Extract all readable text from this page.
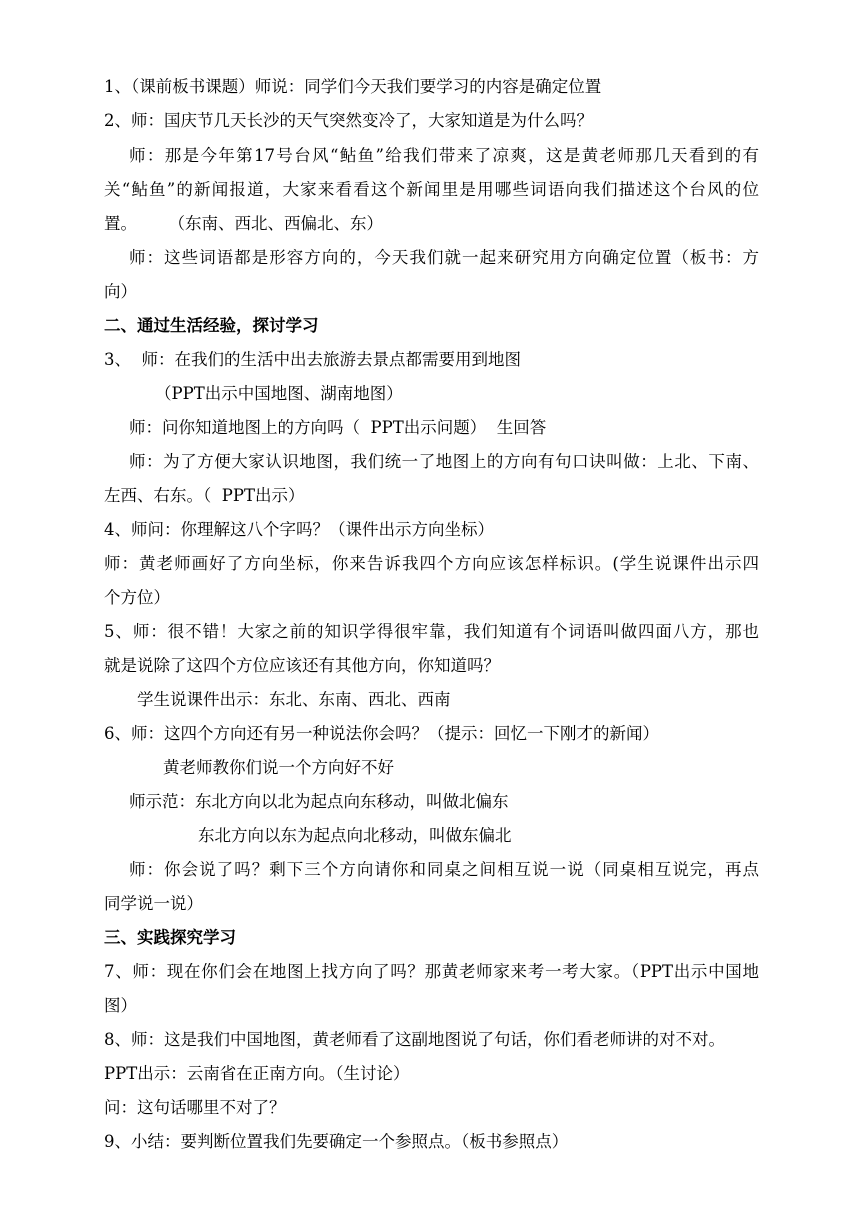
1、（课前板书课题）师说：同学们今天我们要学习的内容是确定位置
2、师：国庆节几天长沙的天气突然变冷了，大家知道是为什么吗？
师：那是今年第17号台风“鲇鱼”给我们带来了凉爽，这是黄老师那几天看到的有
关“鲇鱼”的新闻报道，大家来看看这个新闻里是用哪些词语向我们描述这个台风的位
置。      （东南、西北、西偏北、东）
师：这些词语都是形容方向的，今天我们就一起来研究用方向确定位置（板书：方
向）
二、通过生活经验，探讨学习
3、  师：在我们的生活中出去旅游去景点都需要用到地图
（PPT出示中国地图、湖南地图）
师：问你知道地图上的方向吗（  PPT出示问题）  生回答
师：为了方便大家认识地图，我们统一了地图上的方向有句口诀叫做：上北、下南、
左西、右东。（  PPT出示）
4、师问：你理解这八个字吗？（课件出示方向坐标）
师：黄老师画好了方向坐标，你来告诉我四个方向应该怎样标识。(学生说课件出示四
个方位）
5、师：很不错！大家之前的知识学得很牢靠，我们知道有个词语叫做四面八方，那也
就是说除了这四个方位应该还有其他方向，你知道吗？
学生说课件出示：东北、东南、西北、西南
6、师：这四个方向还有另一种说法你会吗？（提示：回忆一下刚才的新闻）
黄老师教你们说一个方向好不好
师示范：东北方向以北为起点向东移动，叫做北偏东
东北方向以东为起点向北移动，叫做东偏北
师：你会说了吗？剩下三个方向请你和同桌之间相互说一说（同桌相互说完，再点
同学说一说）
三、实践探究学习
7、师：现在你们会在地图上找方向了吗？那黄老师家来考一考大家。（PPT出示中国地
图）
8、师：这是我们中国地图，黄老师看了这副地图说了句话，你们看老师讲的对不对。
PPT出示：云南省在正南方向。（生讨论）
问：这句话哪里不对了？
9、小结：要判断位置我们先要确定一个参照点。（板书参照点）
